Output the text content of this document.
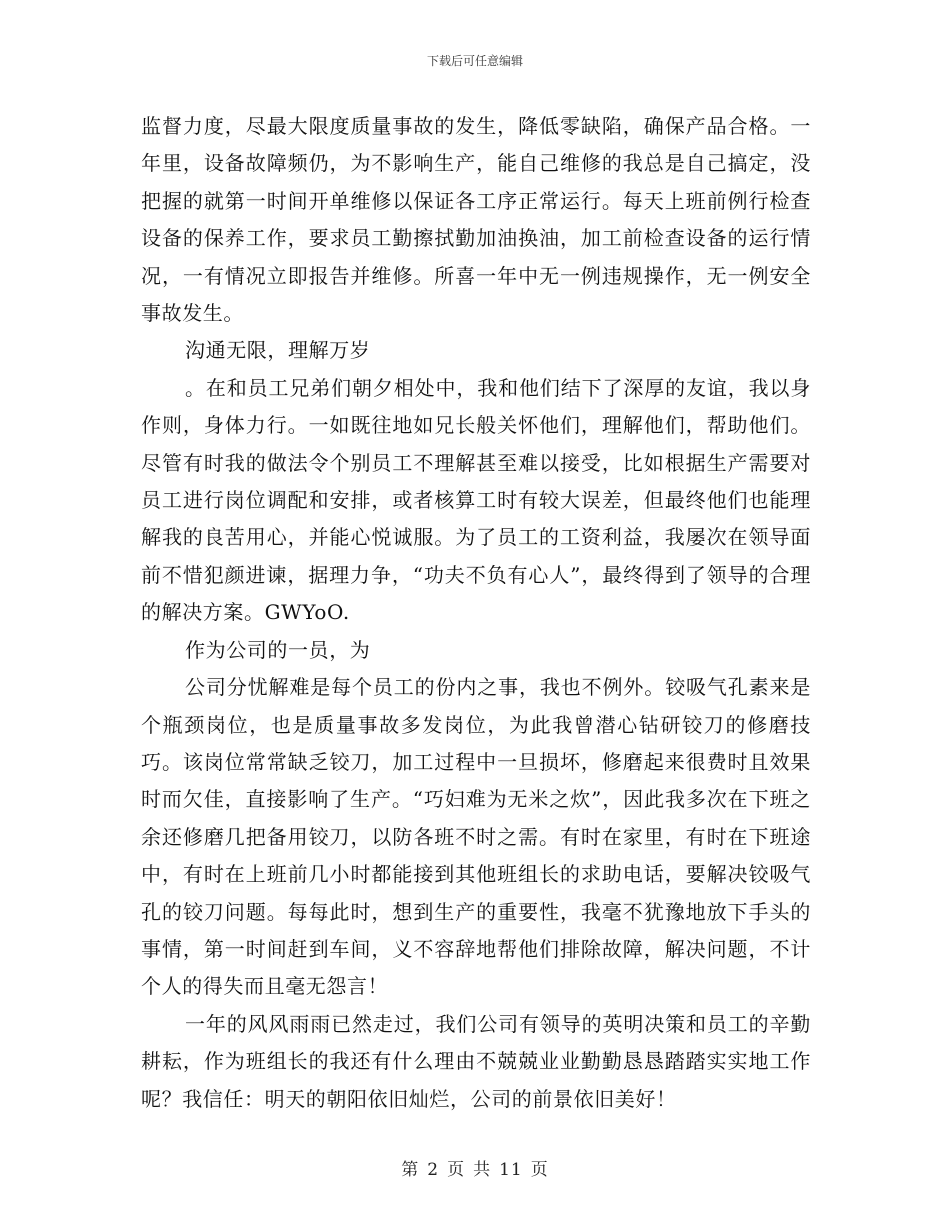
下载后可任意编辑

监督力度，尽最大限度质量事故的发生，降低零缺陷，确保产品合格。一年里，设备故障频仍，为不影响生产，能自己维修的我总是自己搞定，没把握的就第一时间开单维修以保证各工序正常运行。每天上班前例行检查设备的保养工作，要求员工勤擦拭勤加油换油，加工前检查设备的运行情况，一有情况立即报告并维修。所喜一年中无一例违规操作，无一例安全事故发生。

沟通无限，理解万岁

。在和员工兄弟们朝夕相处中，我和他们结下了深厚的友谊，我以身作则，身体力行。一如既往地如兄长般关怀他们，理解他们，帮助他们。尽管有时我的做法令个别员工不理解甚至难以接受，比如根据生产需要对员工进行岗位调配和安排，或者核算工时有较大误差，但最终他们也能理解我的良苦用心，并能心悦诚服。为了员工的工资利益，我屡次在领导面前不惜犯颜进谏，据理力争，“功夫不负有心人”，最终得到了领导的合理的解决方案。GWYoO.

作为公司的一员，为

公司分忧解难是每个员工的份内之事，我也不例外。铰吸气孔素来是个瓶颈岗位，也是质量事故多发岗位，为此我曾潜心钻研铰刀的修磨技巧。该岗位常常缺乏铰刀，加工过程中一旦损坏，修磨起来很费时且效果时而欠佳，直接影响了生产。“巧妇难为无米之炊”，因此我多次在下班之余还修磨几把备用铰刀，以防各班不时之需。有时在家里，有时在下班途中，有时在上班前几小时都能接到其他班组长的求助电话，要解决铰吸气孔的铰刀问题。每每此时，想到生产的重要性，我毫不犹豫地放下手头的事情，第一时间赶到车间，义不容辞地帮他们排除故障，解决问题，不计个人的得失而且毫无怨言！

一年的风风雨雨已然走过，我们公司有领导的英明决策和员工的辛勤耕耘，作为班组长的我还有什么理由不兢兢业业勤勤恳恳踏踏实实地工作呢？我信任：明天的朝阳依旧灿烂，公司的前景依旧美好！

第 2 页 共 11 页
